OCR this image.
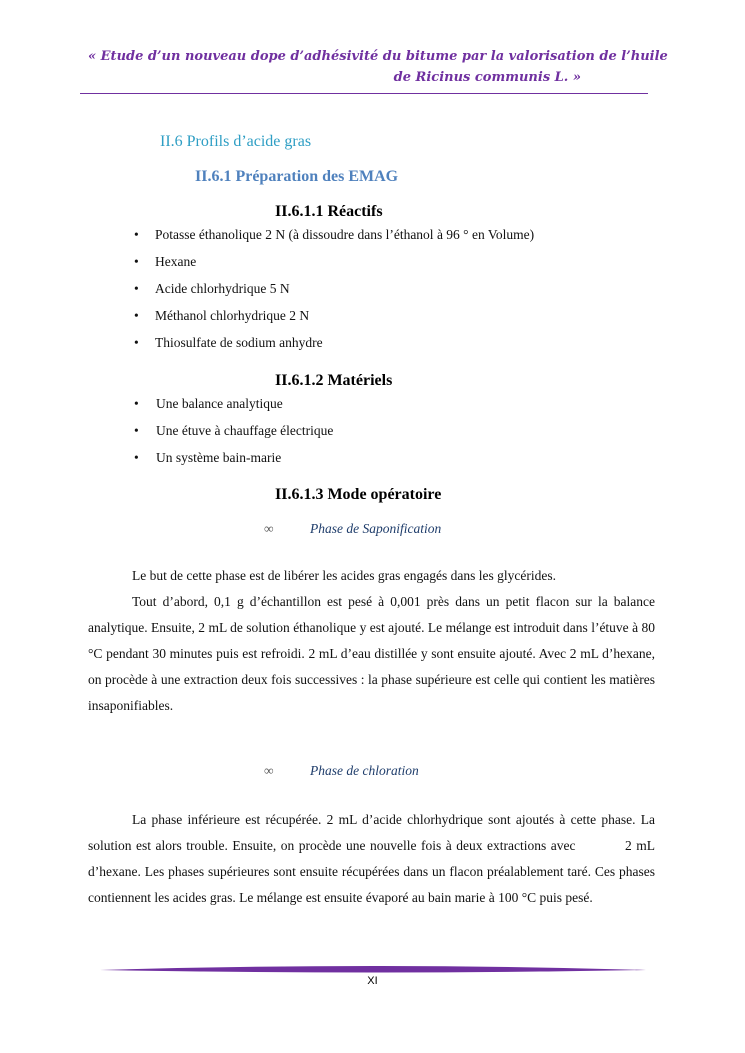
« Etude d’un nouveau dope d’adhésivité du bitume par la valorisation de l’huile
de Ricinus communis L. »
II.6 Profils d’acide gras
II.6.1 Préparation des EMAG
II.6.1.1 Réactifs
• Potasse éthanolique 2 N (à dissoudre dans l’éthanol à 96 ° en Volume)
• Hexane
• Acide chlorhydrique 5 N
• Méthanol chlorhydrique 2 N
• Thiosulfate de sodium anhydre
II.6.1.2 Matériels
• Une balance analytique
• Une étuve à chauffage électrique
• Un système bain-marie
II.6.1.3 Mode opératoire
∞	Phase de Saponification

Le but de cette phase est de libérer les acides gras engagés dans les glycérides.

Tout d’abord, 0,1 g d’échantillon est pesé à 0,001 près dans un petit flacon sur la balance analytique. Ensuite, 2 mL de solution éthanolique y est ajouté. Le mélange est introduit dans l’étuve à 80 °C pendant 30 minutes puis est refroidi. 2 mL d’eau distillée y sont ensuite ajouté. Avec 2 mL d’hexane, on procède à une extraction deux fois successives : la phase supérieure est celle qui contient les matières insaponifiables.

∞	Phase de chloration

La phase inférieure est récupérée. 2 mL d’acide chlorhydrique sont ajoutés à cette phase. La solution est alors trouble. Ensuite, on procède une nouvelle fois à deux extractions avec           2 mL d’hexane. Les phases supérieures sont ensuite récupérées dans un flacon préalablement taré. Ces phases contiennent les acides gras. Le mélange est ensuite évaporé au bain marie à 100 °C puis pesé.

XI
